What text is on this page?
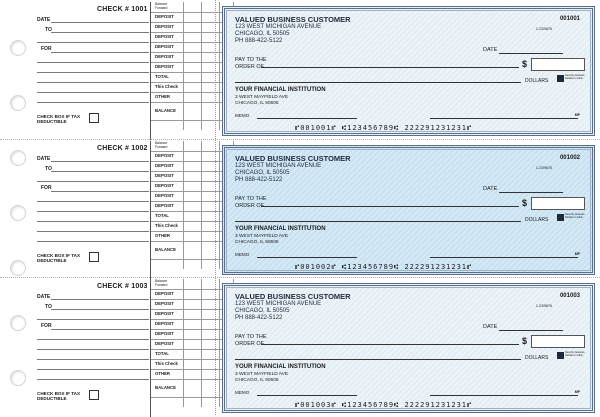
CHECK # 1001
DATE
TO
FOR
CHECK BOX IF TAX DEDUCTIBLE
Balance Forward
DEPOSIT
DEPOSIT
DEPOSIT
DEPOSIT
DEPOSIT
DEPOSIT
TOTAL
This Check
OTHER
BALANCE
VALUED BUSINESS CUSTOMER
123 WEST MICHIGAN AVENUE
CHICAGO, IL 50505
PH 888-422-5122
001001
1-23/9876
DATE
PAY TO THE
ORDER OF	$
DOLLARS
Security features. Details on back.
YOUR FINANCIAL INSTITUTION
3 WEST MAYFIELD AVE
CHICAGO, IL 50505
MEMO	MP
⑈001001⑈ ⑆123456789⑆ 222291231231⑈
CHECK # 1002
DATE
TO
FOR
CHECK BOX IF TAX DEDUCTIBLE
Balance Forward
DEPOSIT
DEPOSIT
DEPOSIT
DEPOSIT
DEPOSIT
DEPOSIT
TOTAL
This Check
OTHER
BALANCE
VALUED BUSINESS CUSTOMER
123 WEST MICHIGAN AVENUE
CHICAGO, IL 50505
PH 888-422-5122
001002
1-23/9876
DATE
PAY TO THE
ORDER OF	$
DOLLARS
Security features. Details on back.
YOUR FINANCIAL INSTITUTION
3 WEST MAYFIELD AVE
CHICAGO, IL 50505
MEMO	MP
⑈001002⑈ ⑆123456789⑆ 222291231231⑈
CHECK # 1003
DATE
TO
FOR
CHECK BOX IF TAX DEDUCTIBLE
Balance Forward
DEPOSIT
DEPOSIT
DEPOSIT
DEPOSIT
DEPOSIT
DEPOSIT
TOTAL
This Check
OTHER
BALANCE
VALUED BUSINESS CUSTOMER
123 WEST MICHIGAN AVENUE
CHICAGO, IL 50505
PH 888-422-5122
001003
1-23/9876
DATE
PAY TO THE
ORDER OF	$
DOLLARS
Security features. Details on back.
YOUR FINANCIAL INSTITUTION
3 WEST MAYFIELD AVE
CHICAGO, IL 50505
MEMO	MP
⑈001003⑈ ⑆123456789⑆ 222291231231⑈
